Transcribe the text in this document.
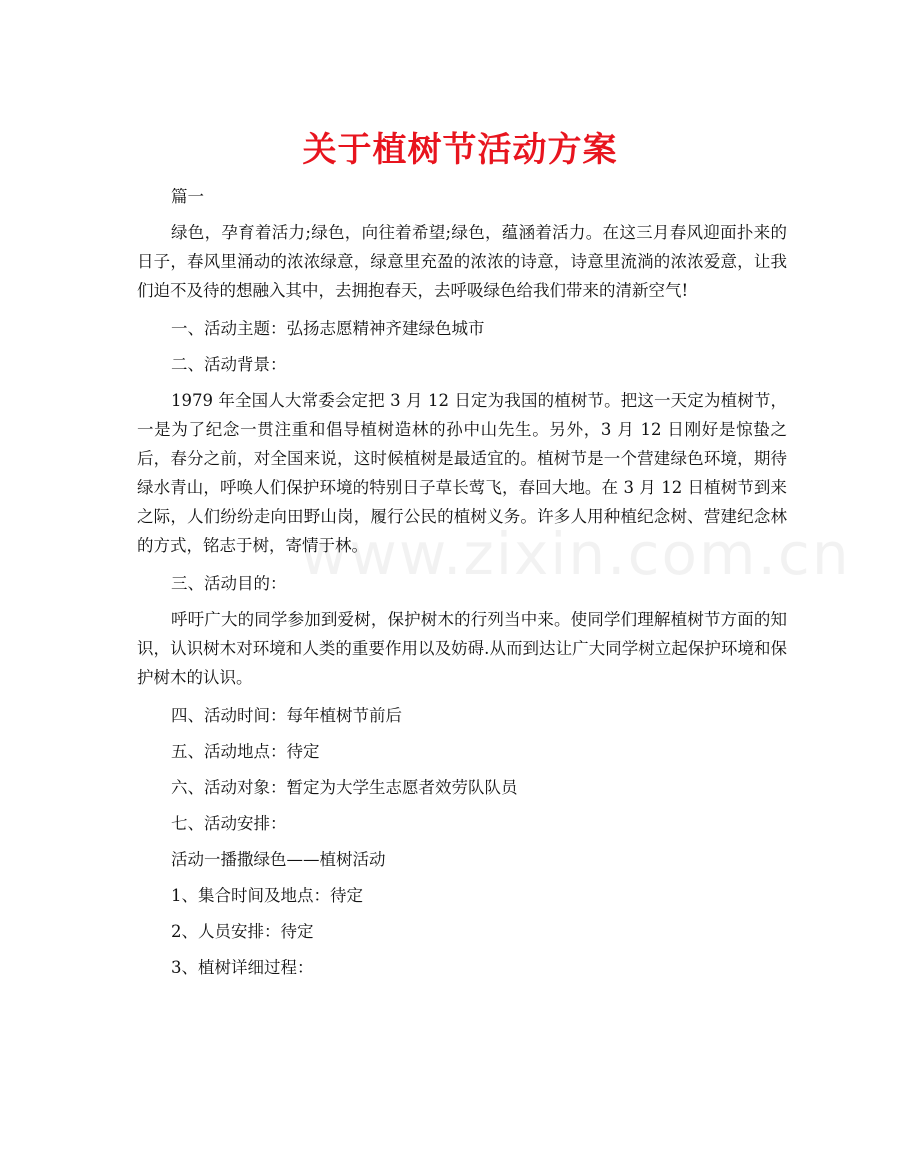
关于植树节活动方案
www.zixin.com.cn

篇一

绿色，孕育着活力;绿色，向往着希望;绿色，蕴涵着活力。在这三月春风迎面扑来的日子，春风里涌动的浓浓绿意，绿意里充盈的浓浓的诗意，诗意里流淌的浓浓爱意，让我们迫不及待的想融入其中，去拥抱春天，去呼吸绿色给我们带来的清新空气!

一、活动主题：弘扬志愿精神齐建绿色城市

二、活动背景：

1979 年全国人大常委会定把 3 月 12 日定为我国的植树节。把这一天定为植树节，一是为了纪念一贯注重和倡导植树造林的孙中山先生。另外，3 月 12 日刚好是惊蛰之后，春分之前，对全国来说，这时候植树是最适宜的。植树节是一个营建绿色环境，期待绿水青山，呼唤人们保护环境的特别日子草长莺飞，春回大地。在 3 月 12 日植树节到来之际，人们纷纷走向田野山岗，履行公民的植树义务。许多人用种植纪念树、营建纪念林的方式，铭志于树，寄情于林。

三、活动目的：

呼吁广大的同学参加到爱树，保护树木的行列当中来。使同学们理解植树节方面的知识，认识树木对环境和人类的重要作用以及妨碍.从而到达让广大同学树立起保护环境和保护树木的认识。

四、活动时间：每年植树节前后

五、活动地点：待定

六、活动对象：暂定为大学生志愿者效劳队队员

七、活动安排：

活动一播撒绿色——植树活动

1、集合时间及地点：待定

2、人员安排：待定

3、植树详细过程：
